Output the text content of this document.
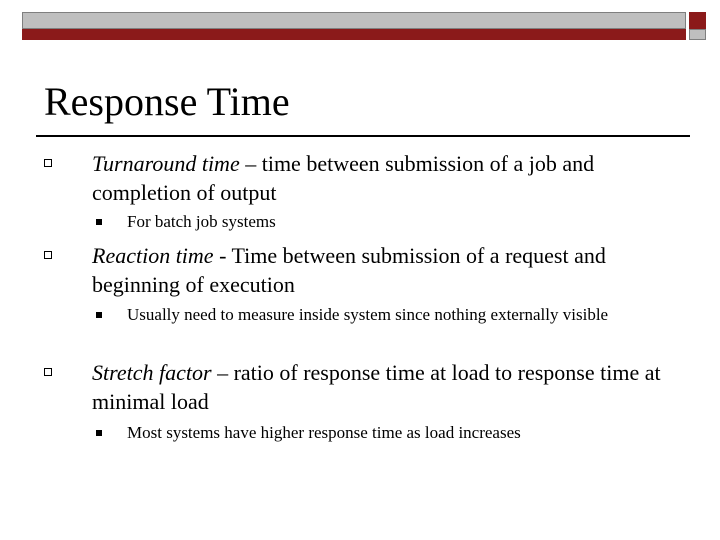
Response Time
Turnaround time – time between submission of a job and completion of output
For batch job systems
Reaction time - Time between submission of a request and beginning of execution
Usually need to measure inside system since nothing externally visible
Stretch factor – ratio of response time at load to response time at minimal load
Most systems have higher response time as load increases
